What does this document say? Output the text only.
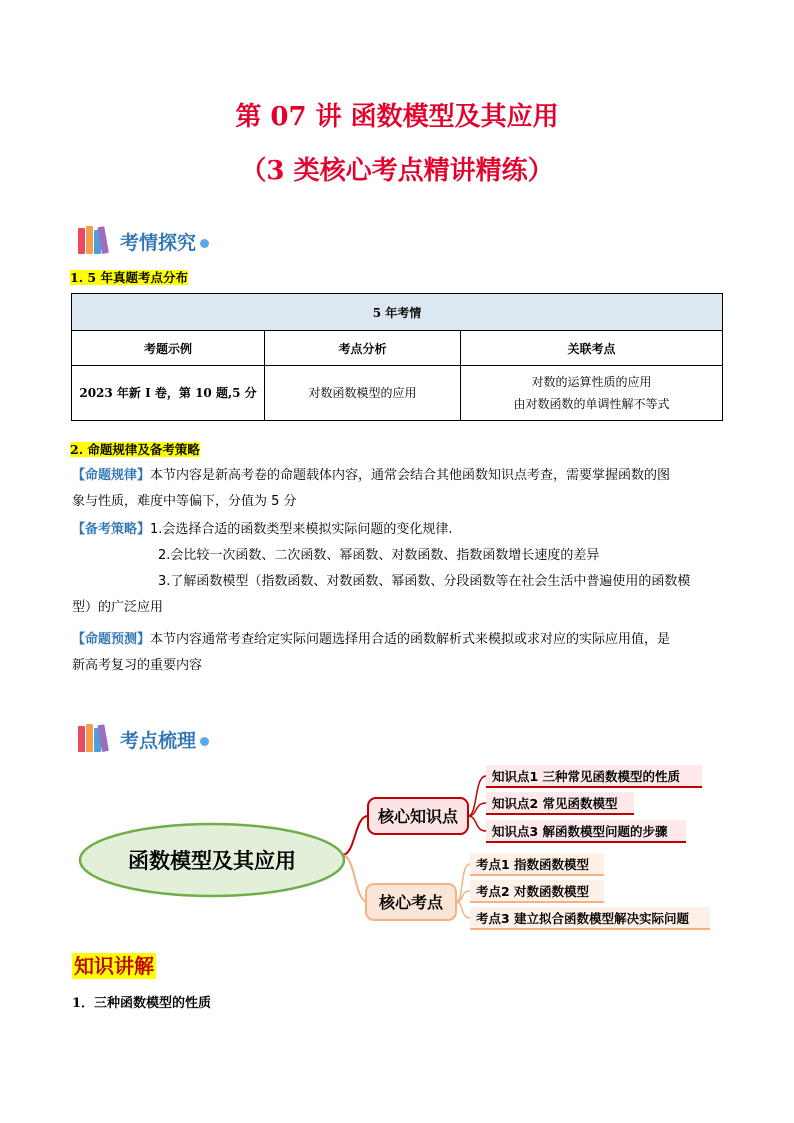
第 07 讲 函数模型及其应用
（3 类核心考点精讲精练）
考情探究
1. 5 年真题考点分布
5 年考情		
考题示例	考点分析	关联考点
2023 年新 I 卷，第 10 题,5 分	对数函数模型的应用	对数的运算性质的应用
由对数函数的单调性解不等式
2. 命题规律及备考策略
【命题规律】本节内容是新高考卷的命题载体内容，通常会结合其他函数知识点考查，需要掌握函数的图
象与性质，难度中等偏下，分值为 5 分
【备考策略】1.会选择合适的函数类型来模拟实际问题的变化规律.
2.会比较一次函数、二次函数、幂函数、对数函数、指数函数增长速度的差异
3.了解函数模型（指数函数、对数函数、幂函数、分段函数等在社会生活中普遍使用的函数模
型）的广泛应用
【命题预测】本节内容通常考查给定实际问题选择用合适的函数解析式来模拟或求对应的实际应用值，是
新高考复习的重要内容
考点梳理
函数模型及其应用
核心知识点
核心考点
知识点1 三种常见函数模型的性质
知识点2 常见函数模型
知识点3 解函数模型问题的步骤
考点1 指数函数模型
考点2 对数函数模型
考点3 建立拟合函数模型解决实际问题
知识讲解
1．三种函数模型的性质
